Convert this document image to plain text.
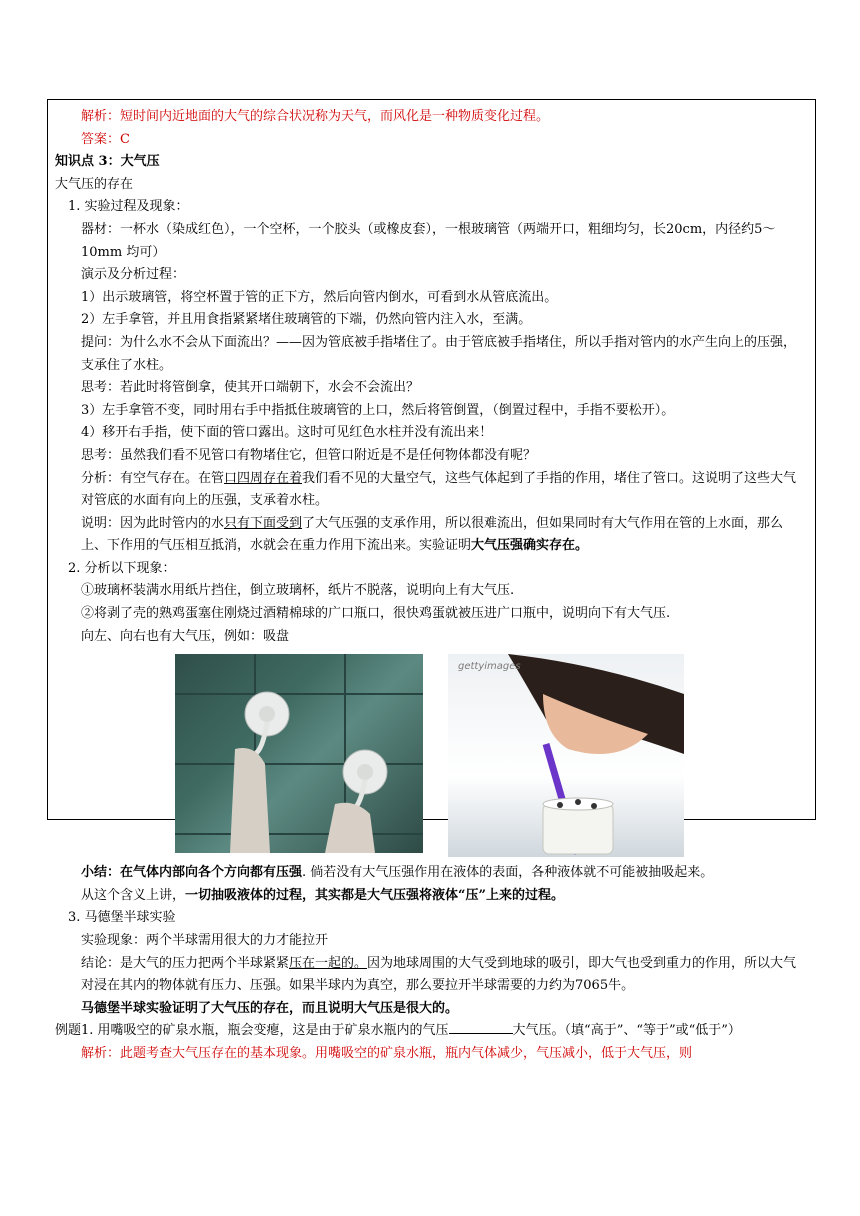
解析：短时间内近地面的大气的综合状况称为天气，而风化是一种物质变化过程。

答案：C

知识点 3：大气压

大气压的存在

1. 实验过程及现象：

器材：一杯水（染成红色），一个空杯，一个胶头（或橡皮套），一根玻璃管（两端开口，粗细均匀，长20cm，内径约5～10mm 均可）

演示及分析过程：

1）出示玻璃管，将空杯置于管的正下方，然后向管内倒水，可看到水从管底流出。

2）左手拿管，并且用食指紧紧堵住玻璃管的下端，仍然向管内注入水，至满。

提问：为什么水不会从下面流出？——因为管底被手指堵住了。由于管底被手指堵住，所以手指对管内的水产生向上的压强，支承住了水柱。

思考：若此时将管倒拿，使其开口端朝下，水会不会流出？

3）左手拿管不变，同时用右手中指抵住玻璃管的上口，然后将管倒置，（倒置过程中，手指不要松开）。

4）移开右手指，使下面的管口露出。这时可见红色水柱并没有流出来！

思考：虽然我们看不见管口有物堵住它，但管口附近是不是任何物体都没有呢？

分析：有空气存在。在管口四周存在着我们看不见的大量空气，这些气体起到了手指的作用，堵住了管口。这说明了这些大气对管底的水面有向上的压强，支承着水柱。

说明：因为此时管内的水只有下面受到了大气压强的支承作用，所以很难流出，但如果同时有大气作用在管的上水面，那么上、下作用的气压相互抵消，水就会在重力作用下流出来。实验证明大气压强确实存在。

2. 分析以下现象：

①玻璃杯装满水用纸片挡住，倒立玻璃杯，纸片不脱落，说明向上有大气压.

②将剥了壳的熟鸡蛋塞住刚烧过酒精棉球的广口瓶口，很快鸡蛋就被压进广口瓶中，说明向下有大气压.

向左、向右也有大气压，例如：吸盘

gettyimages

小结：在气体内部向各个方向都有压强. 倘若没有大气压强作用在液体的表面，各种液体就不可能被抽吸起来。

从这个含义上讲，一切抽吸液体的过程，其实都是大气压强将液体“压”上来的过程。

3. 马德堡半球实验

实验现象：两个半球需用很大的力才能拉开

结论：是大气的压力把两个半球紧紧压在一起的。因为地球周围的大气受到地球的吸引，即大气也受到重力的作用，所以大气对浸在其内的物体就有压力、压强。如果半球内为真空，那么要拉开半球需要的力约为7065牛。

马德堡半球实验证明了大气压的存在，而且说明大气压是很大的。

例题1. 用嘴吸空的矿泉水瓶，瓶会变瘪，这是由于矿泉水瓶内的气压	大气压。（填“高于”、“等于”或“低于”）

解析：此题考查大气压存在的基本现象。用嘴吸空的矿泉水瓶，瓶内气体减少，气压减小，低于大气压，则
